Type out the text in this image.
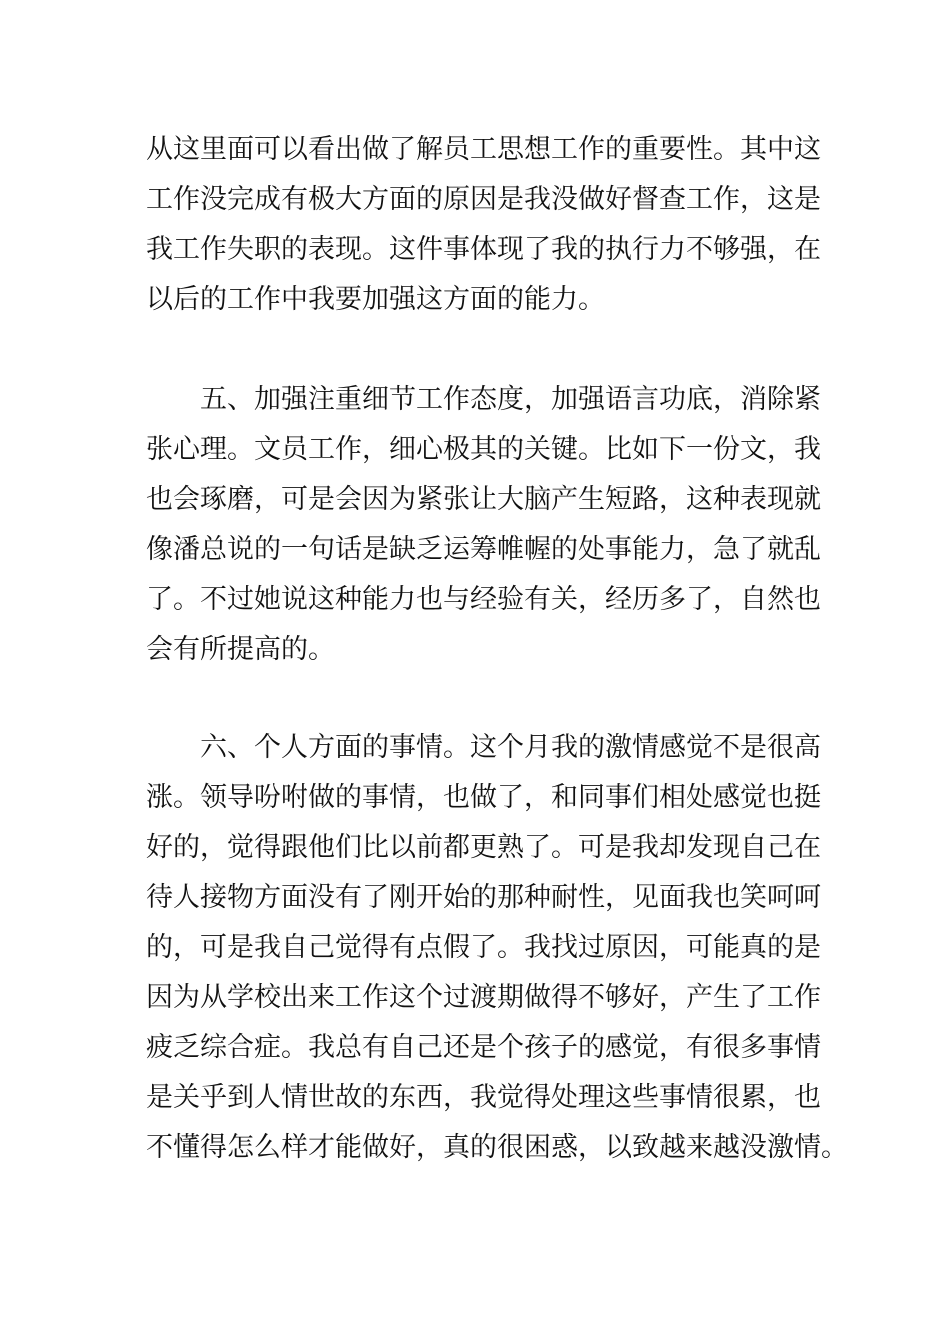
从这里面可以看出做了解员工思想工作的重要性。其中这
工作没完成有极大方面的原因是我没做好督查工作，这是
我工作失职的表现。这件事体现了我的执行力不够强，在
以后的工作中我要加强这方面的能力。
五、加强注重细节工作态度，加强语言功底，消除紧
张心理。文员工作，细心极其的关键。比如下一份文，我
也会琢磨，可是会因为紧张让大脑产生短路，这种表现就
像潘总说的一句话是缺乏运筹帷幄的处事能力，急了就乱
了。不过她说这种能力也与经验有关，经历多了，自然也
会有所提高的。
六、个人方面的事情。这个月我的激情感觉不是很高
涨。领导吩咐做的事情，也做了，和同事们相处感觉也挺
好的，觉得跟他们比以前都更熟了。可是我却发现自己在
待人接物方面没有了刚开始的那种耐性，见面我也笑呵呵
的，可是我自己觉得有点假了。我找过原因，可能真的是
因为从学校出来工作这个过渡期做得不够好，产生了工作
疲乏综合症。我总有自己还是个孩子的感觉，有很多事情
是关乎到人情世故的东西，我觉得处理这些事情很累，也
不懂得怎么样才能做好，真的很困惑，以致越来越没激情。
